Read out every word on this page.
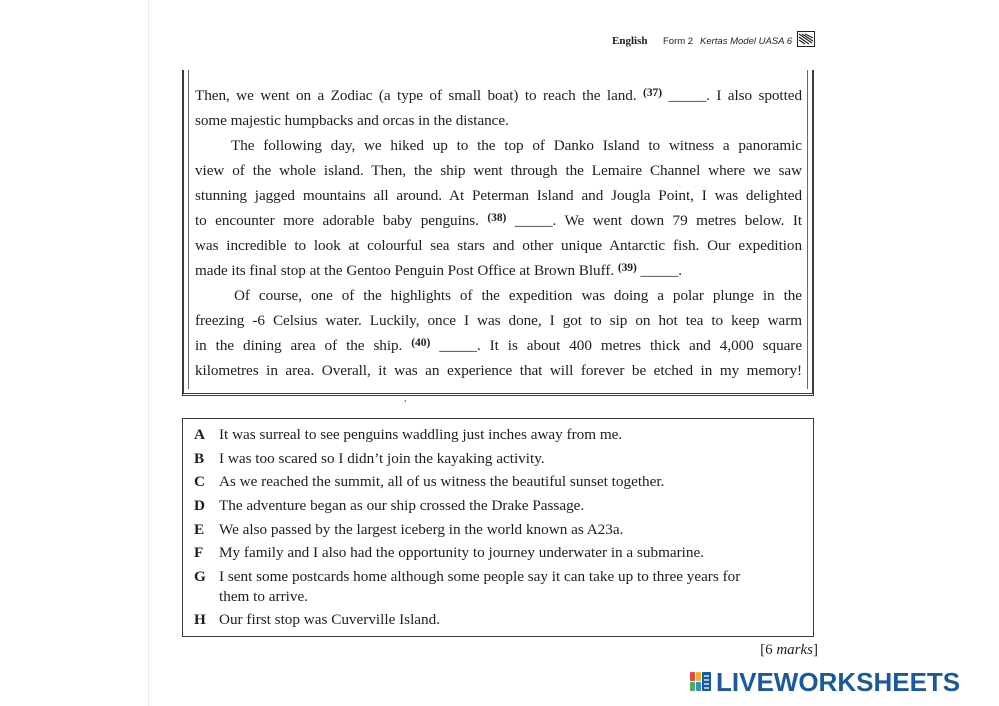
English Form 2 Kertas Model UASA 6
Then, we went on a Zodiac (a type of small boat) to reach the land. $^{(37)}$ _____. I also spotted
some majestic humpbacks and orcas in the distance.
The following day, we hiked up to the top of Danko Island to witness a panoramic
view of the whole island. Then, the ship went through the Lemaire Channel where we saw
stunning jagged mountains all around. At Peterman Island and Jougla Point, I was delighted
to encounter more adorable baby penguins. $^{(38)}$ _____. We went down 79 metres below. It
was incredible to look at colourful sea stars and other unique Antarctic fish. Our expedition
made its final stop at the Gentoo Penguin Post Office at Brown Bluff. $^{(39)}$ _____.
Of course, one of the highlights of the expedition was doing a polar plunge in the
freezing -6 Celsius water. Luckily, once I was done, I got to sip on hot tea to keep warm
in the dining area of the ship. $^{(40)}$ _____. It is about 400 metres thick and 4,000 square
kilometres in area. Overall, it was an experience that will forever be etched in my memory!
,
A It was surreal to see penguins waddling just inches away from me.
B I was too scared so I didn’t join the kayaking activity.
C As we reached the summit, all of us witness the beautiful sunset together.
D The adventure began as our ship crossed the Drake Passage.
E We also passed by the largest iceberg in the world known as A23a.
F My family and I also had the opportunity to journey underwater in a submarine.
G I sent some postcards home although some people say it can take up to three years for
them to arrive.
H Our first stop was Cuverville Island.
[6 marks]
LIVEWORKSHEETS
